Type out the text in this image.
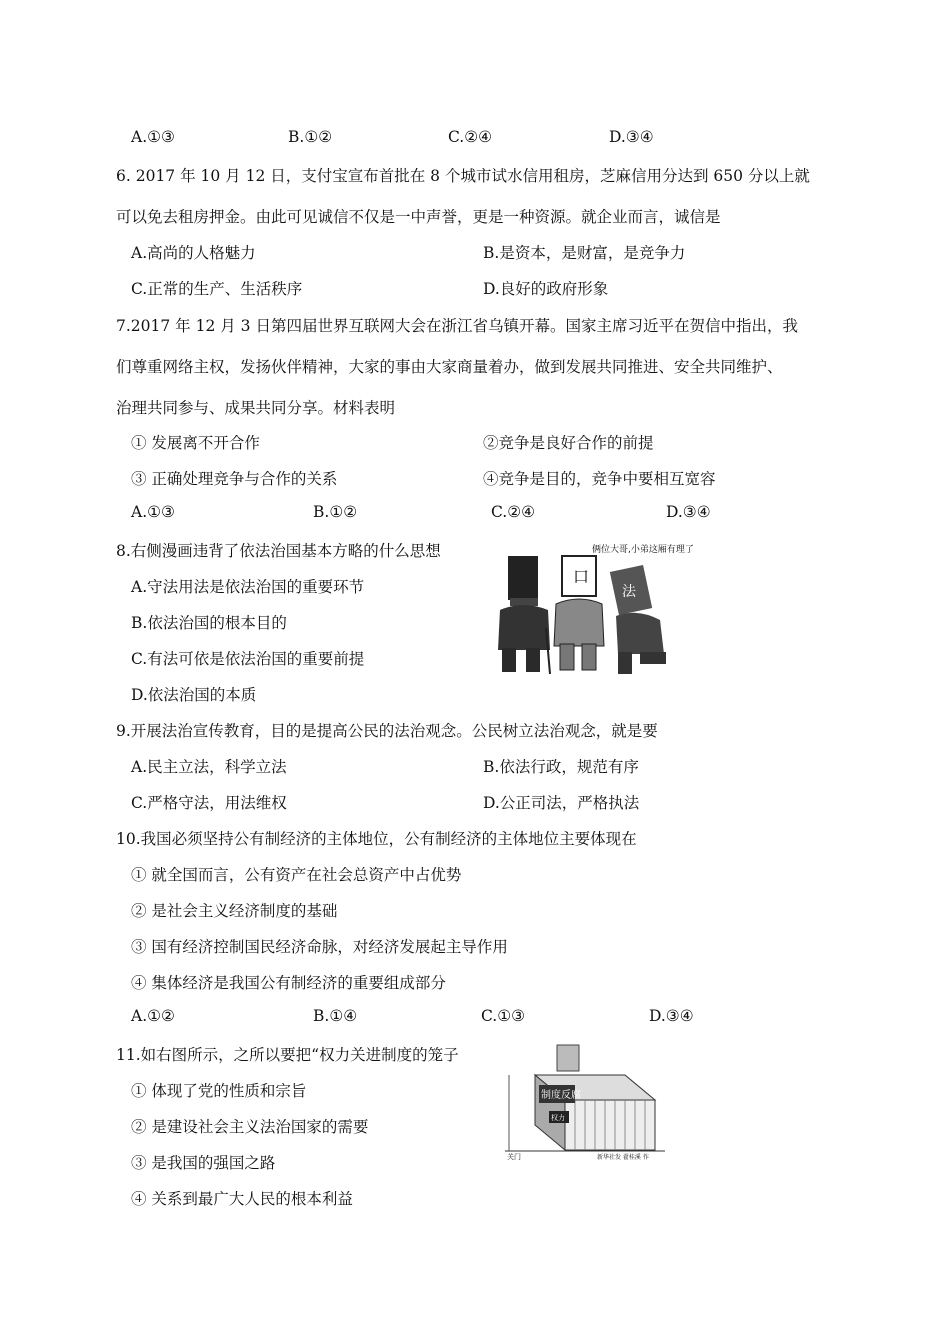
A.①③	B.①②	C.②④	D.③④
6. 2017 年 10 月 12 日，支付宝宣布首批在 8 个城市试水信用租房，芝麻信用分达到 650 分以上就
可以免去租房押金。由此可见诚信不仅是一中声誉，更是一种资源。就企业而言，诚信是
A.高尚的人格魅力	B.是资本，是财富，是竞争力
C.正常的生产、生活秩序	D.良好的政府形象
7.2017 年 12 月 3 日第四届世界互联网大会在浙江省乌镇开幕。国家主席习近平在贺信中指出，我
们尊重网络主权，发扬伙伴精神，大家的事由大家商量着办，做到发展共同推进、安全共同维护、
治理共同参与、成果共同分享。材料表明
① 发展离不开合作	②竞争是良好合作的前提
③ 正确处理竞争与合作的关系	④竞争是目的，竞争中要相互宽容
A.①③	B.①②	C.②④	D.③④
8.右侧漫画违背了依法治国基本方略的什么思想
A.守法用法是依法治国的重要环节
B.依法治国的根本目的
C.有法可依是依法治国的重要前提
D.依法治国的本质
口
法
俩位大哥,小弟这厢有理了
9.开展法治宣传教育，目的是提高公民的法治观念。公民树立法治观念，就是要
A.民主立法，科学立法	B.依法行政，规范有序
C.严格守法，用法维权	D.公正司法，严格执法
10.我国必须坚持公有制经济的主体地位，公有制经济的主体地位主要体现在
① 就全国而言，公有资产在社会总资产中占优势
② 是社会主义经济制度的基础
③ 国有经济控制国民经济命脉，对经济发展起主导作用
④ 集体经济是我国公有制经济的重要组成部分
A.①②	B.①④	C.①③	D.③④
11.如右图所示，之所以要把“权力关进制度的笼子
① 体现了党的性质和宗旨
② 是建设社会主义法治国家的需要
③ 是我国的强国之路
④ 关系到最广大人民的根本利益
制度反腐
权力
关门	新华社发 翟桂溪 作
